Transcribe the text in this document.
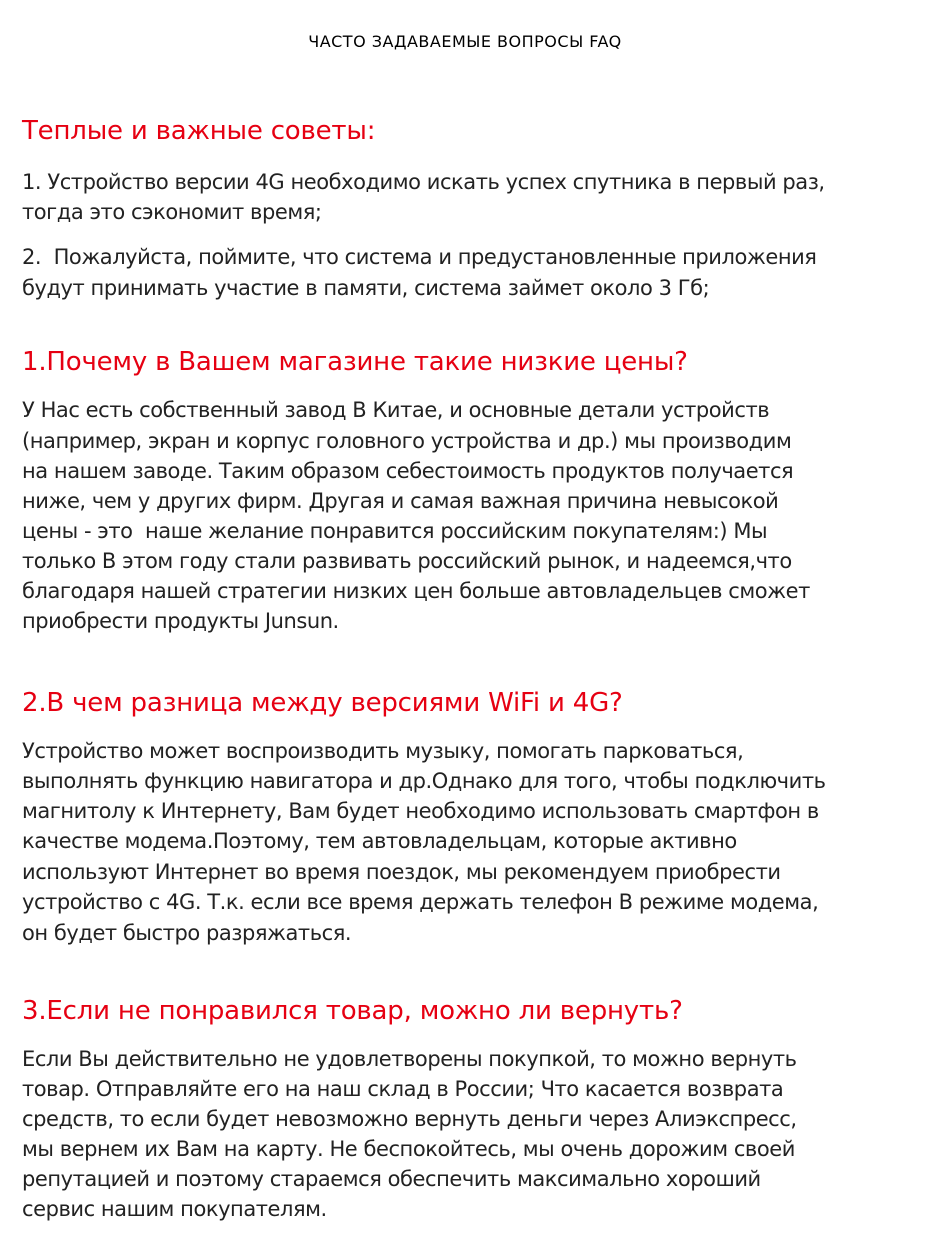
ЧАСТО ЗАДАВАЕМЫЕ ВОПРОСЫ FAQ
Теплые и важные советы:
1. Устройство версии 4G необходимо искать успех спутника в первый раз,
тогда это сэкономит время;
2.  Пожалуйста, поймите, что система и предустановленные приложения
будут принимать участие в памяти, система займет около 3 Гб;
1.Почему в Вашем магазине такие низкие цены?
У Нас есть собственный завод В Китае, и основные детали устройств
(например, экран и корпус головного устройства и др.) мы производим
на нашем заводе. Таким образом себестоимость продуктов получается
ниже, чем у других фирм. Другая и самая важная причина невысокой
цены - это  наше желание понравится российским покупателям:) Мы
только В этом году стали развивать российский рынок, и надеемся,что
благодаря нашей стратегии низких цен больше автовладельцев сможет
приобрести продукты Junsun.
2.В чем разница между версиями WiFi и 4G?
Устройство может воспроизводить музыку, помогать парковаться,
выполнять функцию навигатора и др.Однако для того, чтобы подключить
магнитолу к Интернету, Вам будет необходимо использовать смартфон в
качестве модема.Поэтому, тем автовладельцам, которые активно
используют Интернет во время поездок, мы рекомендуем приобрести
устройство с 4G. Т.к. если все время держать телефон В режиме модема,
он будет быстро разряжаться.
3.Если не понравился товар, можно ли вернуть?
Если Вы действительно не удовлетворены покупкой, то можно вернуть
товар. Отправляйте его на наш склад в России; Что касается возврата
средств, то если будет невозможно вернуть деньги через Алиэкспресс,
мы вернем их Вам на карту. Не беспокойтесь, мы очень дорожим своей
репутацией и поэтому стараемся обеспечить максимально хороший
сервис нашим покупателям.
